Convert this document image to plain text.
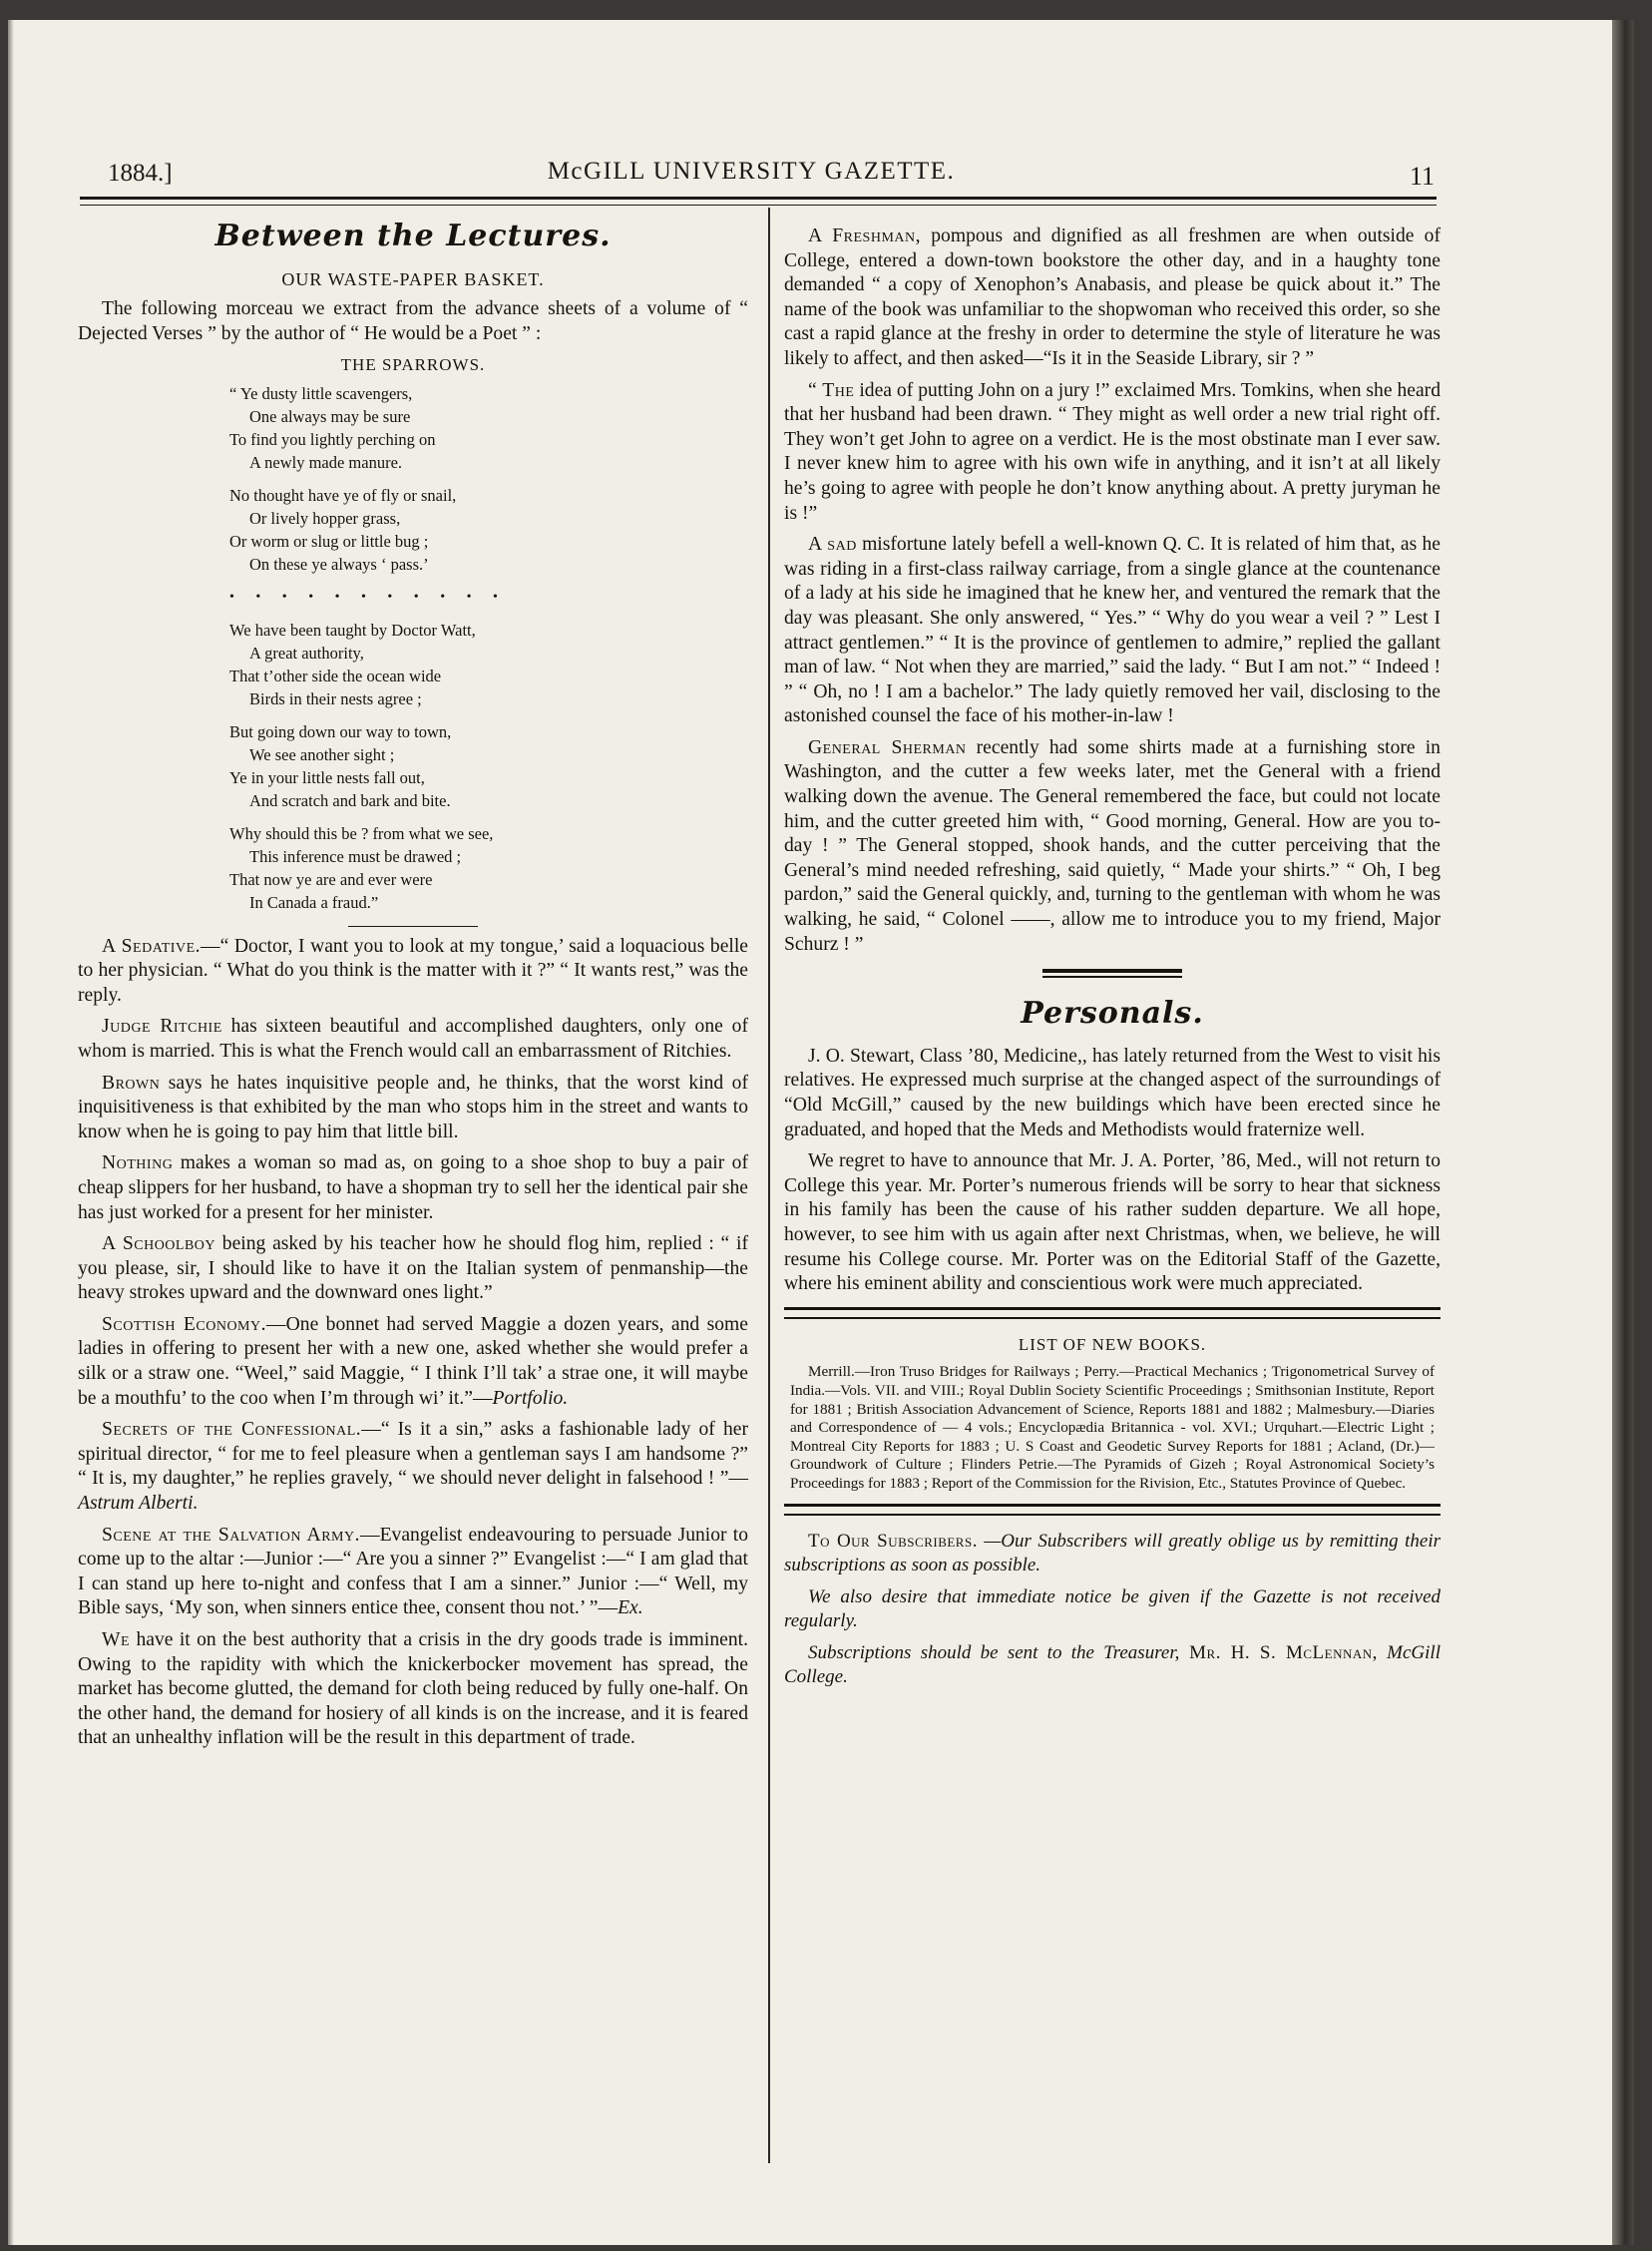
1884.]	McGILL UNIVERSITY GAZETTE.	11
Between the Lectures.
OUR WASTE-PAPER BASKET.

The following morceau we extract from the advance sheets of a volume of “ Dejected Verses ” by the author of “ He would be a Poet ” :

THE SPARROWS.
“ Ye dusty little scavengers,
One always may be sure
To find you lightly perching on
A newly made manure.
No thought have ye of fly or snail,
Or lively hopper grass,
Or worm or slug or little bug ;
On these ye always ‘ pass.’
• • • • • • • • • • •
We have been taught by Doctor Watt,
A great authority,
That t’other side the ocean wide
Birds in their nests agree ;
But going down our way to town,
We see another sight ;
Ye in your little nests fall out,
And scratch and bark and bite.
Why should this be ? from what we see,
This inference must be drawed ;
That now ye are and ever were
In Canada a fraud.”

A Sedative.—“ Doctor, I want you to look at my tongue,’ said a loquacious belle to her physician. “ What do you think is the matter with it ?” “ It wants rest,” was the reply.

Judge Ritchie has sixteen beautiful and accomplished daughters, only one of whom is married. This is what the French would call an embarrassment of Ritchies.

Brown says he hates inquisitive people and, he thinks, that the worst kind of inquisitiveness is that exhibited by the man who stops him in the street and wants to know when he is going to pay him that little bill.

Nothing makes a woman so mad as, on going to a shoe shop to buy a pair of cheap slippers for her husband, to have a shopman try to sell her the identical pair she has just worked for a present for her minister.

A Schoolboy being asked by his teacher how he should flog him, replied : “ if you please, sir, I should like to have it on the Italian system of penmanship—the heavy strokes upward and the downward ones light.”

Scottish Economy.—One bonnet had served Maggie a dozen years, and some ladies in offering to present her with a new one, asked whether she would prefer a silk or a straw one. “Weel,” said Maggie, “ I think I’ll tak’ a strae one, it will maybe be a mouthfu’ to the coo when I’m through wi’ it.”—Portfolio.

Secrets of the Confessional.—“ Is it a sin,” asks a fashionable lady of her spiritual director, “ for me to feel pleasure when a gentleman says I am handsome ?” “ It is, my daughter,” he replies gravely, “ we should never delight in falsehood ! ”—Astrum Alberti.

Scene at the Salvation Army.—Evangelist endeavouring to persuade Junior to come up to the altar :—Junior :—“ Are you a sinner ?” Evangelist :—“ I am glad that I can stand up here to-night and confess that I am a sinner.” Junior :—“ Well, my Bible says, ‘My son, when sinners entice thee, consent thou not.’ ”—Ex.

We have it on the best authority that a crisis in the dry goods trade is imminent. Owing to the rapidity with which the knickerbocker movement has spread, the market has become glutted, the demand for cloth being reduced by fully one-half. On the other hand, the demand for hosiery of all kinds is on the increase, and it is feared that an unhealthy inflation will be the result in this department of trade.

A Freshman, pompous and dignified as all freshmen are when outside of College, entered a down-town bookstore the other day, and in a haughty tone demanded “ a copy of Xenophon’s Anabasis, and please be quick about it.” The name of the book was unfamiliar to the shopwoman who received this order, so she cast a rapid glance at the freshy in order to determine the style of literature he was likely to affect, and then asked—“Is it in the Seaside Library, sir ? ”

“ The idea of putting John on a jury !” exclaimed Mrs. Tomkins, when she heard that her husband had been drawn. “ They might as well order a new trial right off. They won’t get John to agree on a verdict. He is the most obstinate man I ever saw. I never knew him to agree with his own wife in anything, and it isn’t at all likely he’s going to agree with people he don’t know anything about. A pretty juryman he is !”

A sad misfortune lately befell a well-known Q. C. It is related of him that, as he was riding in a first-class railway carriage, from a single glance at the countenance of a lady at his side he imagined that he knew her, and ventured the remark that the day was pleasant. She only answered, “ Yes.” “ Why do you wear a veil ? ” Lest I attract gentlemen.” “ It is the province of gentlemen to admire,” replied the gallant man of law. “ Not when they are married,” said the lady. “ But I am not.” “ Indeed ! ” “ Oh, no ! I am a bachelor.” The lady quietly removed her vail, disclosing to the astonished counsel the face of his mother-in-law !

General Sherman recently had some shirts made at a furnishing store in Washington, and the cutter a few weeks later, met the General with a friend walking down the avenue. The General remembered the face, but could not locate him, and the cutter greeted him with, “ Good morning, General. How are you to-day ! ” The General stopped, shook hands, and the cutter perceiving that the General’s mind needed refreshing, said quietly, “ Made your shirts.” “ Oh, I beg pardon,” said the General quickly, and, turning to the gentleman with whom he was walking, he said, “ Colonel ——, allow me to introduce you to my friend, Major Schurz ! ”

Personals.

J. O. Stewart, Class ’80, Medicine,, has lately returned from the West to visit his relatives. He expressed much surprise at the changed aspect of the surroundings of “Old McGill,” caused by the new buildings which have been erected since he graduated, and hoped that the Meds and Methodists would fraternize well.

We regret to have to announce that Mr. J. A. Porter, ’86, Med., will not return to College this year. Mr. Porter’s numerous friends will be sorry to hear that sickness in his family has been the cause of his rather sudden departure. We all hope, however, to see him with us again after next Christmas, when, we believe, he will resume his College course. Mr. Porter was on the Editorial Staff of the Gazette, where his eminent ability and conscientious work were much appreciated.

LIST OF NEW BOOKS.
Merrill.—Iron Truso Bridges for Railways ; Perry.—Practical Mechanics ; Trigonometrical Survey of India.—Vols. VII. and VIII.; Royal Dublin Society Scientific Proceedings ; Smithsonian Institute, Report for 1881 ; British Association Advancement of Science, Reports 1881 and 1882 ; Malmesbury.—Diaries and Correspondence of — 4 vols.; Encyclopædia Britannica - vol. XVI.; Urquhart.—Electric Light ; Montreal City Reports for 1883 ; U. S Coast and Geodetic Survey Reports for 1881 ; Acland, (Dr.)—Groundwork of Culture ; Flinders Petrie.—The Pyramids of Gizeh ; Royal Astronomical Society’s Proceedings for 1883 ; Report of the Commission for the Rivision, Etc., Statutes Province of Quebec.

To Our Subscribers. —Our Subscribers will greatly oblige us by remitting their subscriptions as soon as possible.

We also desire that immediate notice be given if the Gazette is not received regularly.

Subscriptions should be sent to the Treasurer, Mr. H. S. McLennan, McGill College.
